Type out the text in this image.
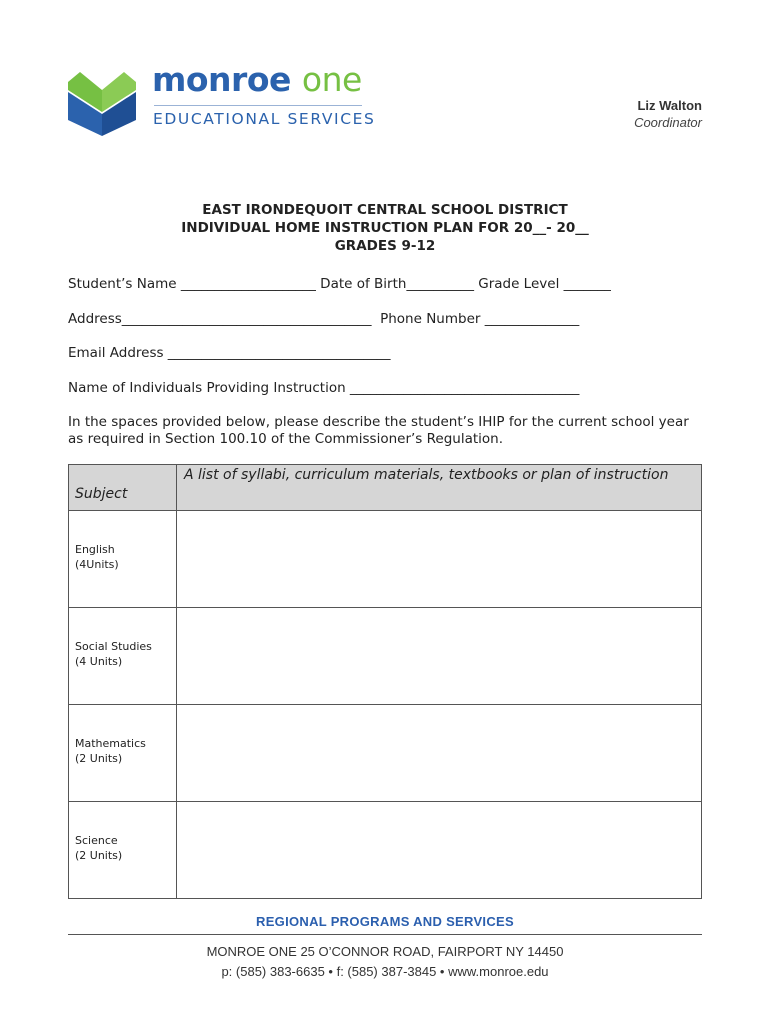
monroe one
EDUCATIONAL SERVICES
Liz Walton
Coordinator
EAST IRONDEQUOIT CENTRAL SCHOOL DISTRICT
INDIVIDUAL HOME INSTRUCTION PLAN FOR 20__- 20__
GRADES 9-12
Student’s Name ____________________ Date of Birth__________ Grade Level _______
Address_____________________________________  Phone Number ______________
Email Address _________________________________
Name of Individuals Providing Instruction __________________________________
In the spaces provided below, please describe the student’s IHIP for the current school year as required in Section 100.10 of the Commissioner’s Regulation.
Subject	A list of syllabi, curriculum materials, textbooks or plan of instruction

English
(4Units)	

Social Studies
(4 Units)	

Mathematics
(2 Units)	

Science
(2 Units)	

REGIONAL PROGRAMS AND SERVICES
MONROE ONE 25 O’CONNOR ROAD, FAIRPORT NY 14450
p: (585) 383-6635 • f: (585) 387-3845 • www.monroe.edu
